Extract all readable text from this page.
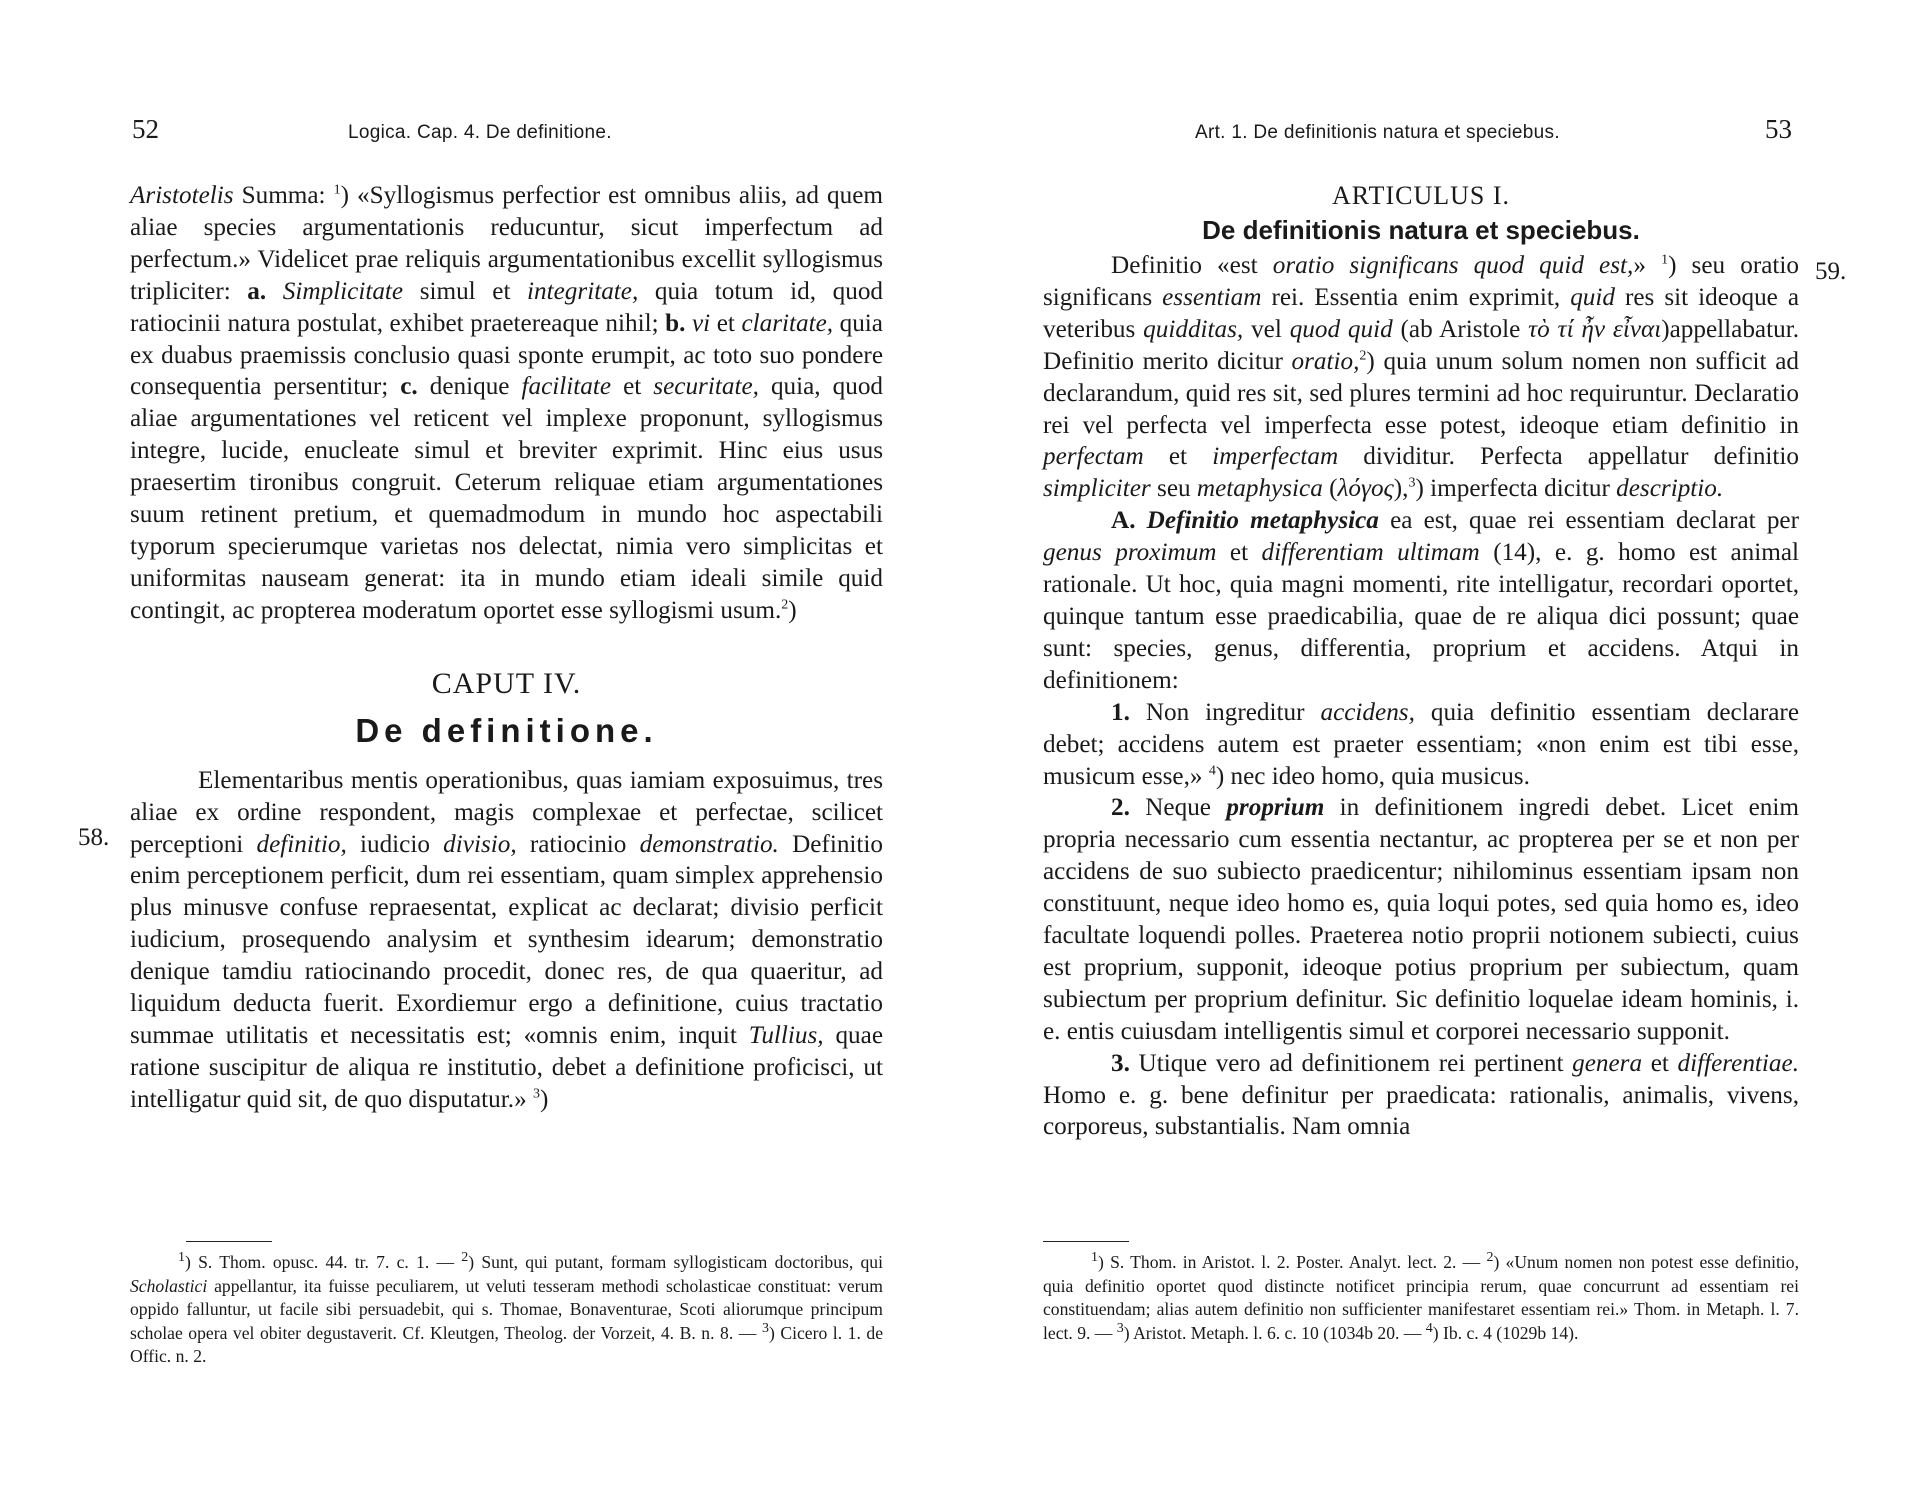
52	Logica. Cap. 4. De definitione.
58.

Aristotelis Summa: $^1$) «Syllogismus perfectior est omnibus aliis, ad quem aliae species argumentationis reducuntur, sicut imperfectum ad perfectum.» Videlicet prae reliquis argumentationibus excellit syllogismus tripliciter: a. Simplicitate simul et integritate, quia totum id, quod ratiocinii natura postulat, exhibet praetereaque nihil; b. vi et claritate, quia ex duabus praemissis conclusio quasi sponte erumpit, ac toto suo pondere consequentia persentitur; c. denique facilitate et securitate, quia, quod aliae argumentationes vel reticent vel implexe proponunt, syllogismus integre, lucide, enucleate simul et breviter exprimit. Hinc eius usus praesertim tironibus congruit. Ceterum reliquae etiam argumentationes suum retinent pretium, et quemadmodum in mundo hoc aspectabili typorum specierumque varietas nos delectat, nimia vero simplicitas et uniformitas nauseam generat: ita in mundo etiam ideali simile quid contingit, ac propterea moderatum oportet esse syllogismi usum.$^2$)

CAPUT IV.
De definitione.

Elementaribus mentis operationibus, quas iamiam exposuimus, tres aliae ex ordine respondent, magis complexae et perfectae, scilicet perceptioni definitio, iudicio divisio, ratiocinio demonstratio. Definitio enim perceptionem perficit, dum rei essentiam, quam simplex apprehensio plus minusve confuse repraesentat, explicat ac declarat; divisio perficit iudicium, prosequendo analysim et synthesim idearum; demonstratio denique tamdiu ratiocinando procedit, donec res, de qua quaeritur, ad liquidum deducta fuerit. Exordiemur ergo a definitione, cuius tractatio summae utilitatis et necessitatis est; «omnis enim, inquit Tullius, quae ratione suscipitur de aliqua re institutio, debet a definitione proficisci, ut intelligatur quid sit, de quo disputatur.» $^3$)

$^1$) S. Thom. opusc. 44. tr. 7. c. 1. — $^2$) Sunt, qui putant, formam syllogisticam doctoribus, qui Scholastici appellantur, ita fuisse peculiarem, ut veluti tesseram methodi scholasticae constituat: verum oppido falluntur, ut facile sibi persuadebit, qui s. Thomae, Bonaventurae, Scoti aliorumque principum scholae opera vel obiter degustaverit. Cf. Kleutgen, Theolog. der Vorzeit, 4. B. n. 8. — $^3$) Cicero l. 1. de Offic. n. 2.

Art. 1. De definitionis natura et speciebus.	53
59.
ARTICULUS I.
De definitionis natura et speciebus.

Definitio «est oratio significans quod quid est,» $^1$) seu oratio significans essentiam rei. Essentia enim exprimit, quid res sit ideoque a veteribus quidditas, vel quod quid (ab Aristole τὸ τί ἦν εἶναι)appellabatur. Definitio merito dicitur oratio,$^2$) quia unum solum nomen non sufficit ad declarandum, quid res sit, sed plures termini ad hoc requiruntur. Declaratio rei vel perfecta vel imperfecta esse potest, ideoque etiam definitio in perfectam et imperfectam dividitur. Perfecta appellatur definitio simpliciter seu metaphysica (λόγος),$^3$) imperfecta dicitur descriptio.

A. Definitio metaphysica ea est, quae rei essentiam declarat per genus proximum et differentiam ultimam (14), e. g. homo est animal rationale. Ut hoc, quia magni momenti, rite intelligatur, recordari oportet, quinque tantum esse praedicabilia, quae de re aliqua dici possunt; quae sunt: species, genus, differentia, proprium et accidens. Atqui in definitionem:

1. Non ingreditur accidens, quia definitio essentiam declarare debet; accidens autem est praeter essentiam; «non enim est tibi esse, musicum esse,» $^4$) nec ideo homo, quia musicus.

2. Neque proprium in definitionem ingredi debet. Licet enim propria necessario cum essentia nectantur, ac propterea per se et non per accidens de suo subiecto praedicentur; nihilominus essentiam ipsam non constituunt, neque ideo homo es, quia loqui potes, sed quia homo es, ideo facultate loquendi polles. Praeterea notio proprii notionem subiecti, cuius est proprium, supponit, ideoque potius proprium per subiectum, quam subiectum per proprium definitur. Sic definitio loquelae ideam hominis, i. e. entis cuiusdam intelligentis simul et corporei necessario supponit.

3. Utique vero ad definitionem rei pertinent genera et differentiae. Homo e. g. bene definitur per praedicata: rationalis, animalis, vivens, corporeus, substantialis. Nam omnia

$^1$) S. Thom. in Aristot. l. 2. Poster. Analyt. lect. 2. — $^2$) «Unum nomen non potest esse definitio, quia definitio oportet quod distincte notificet principia rerum, quae concurrunt ad essentiam rei constituendam; alias autem definitio non sufficienter manifestaret essentiam rei.» Thom. in Metaph. l. 7. lect. 9. — $^3$) Aristot. Metaph. l. 6. c. 10 (1034b 20. — $^4$) Ib. c. 4 (1029b 14).
